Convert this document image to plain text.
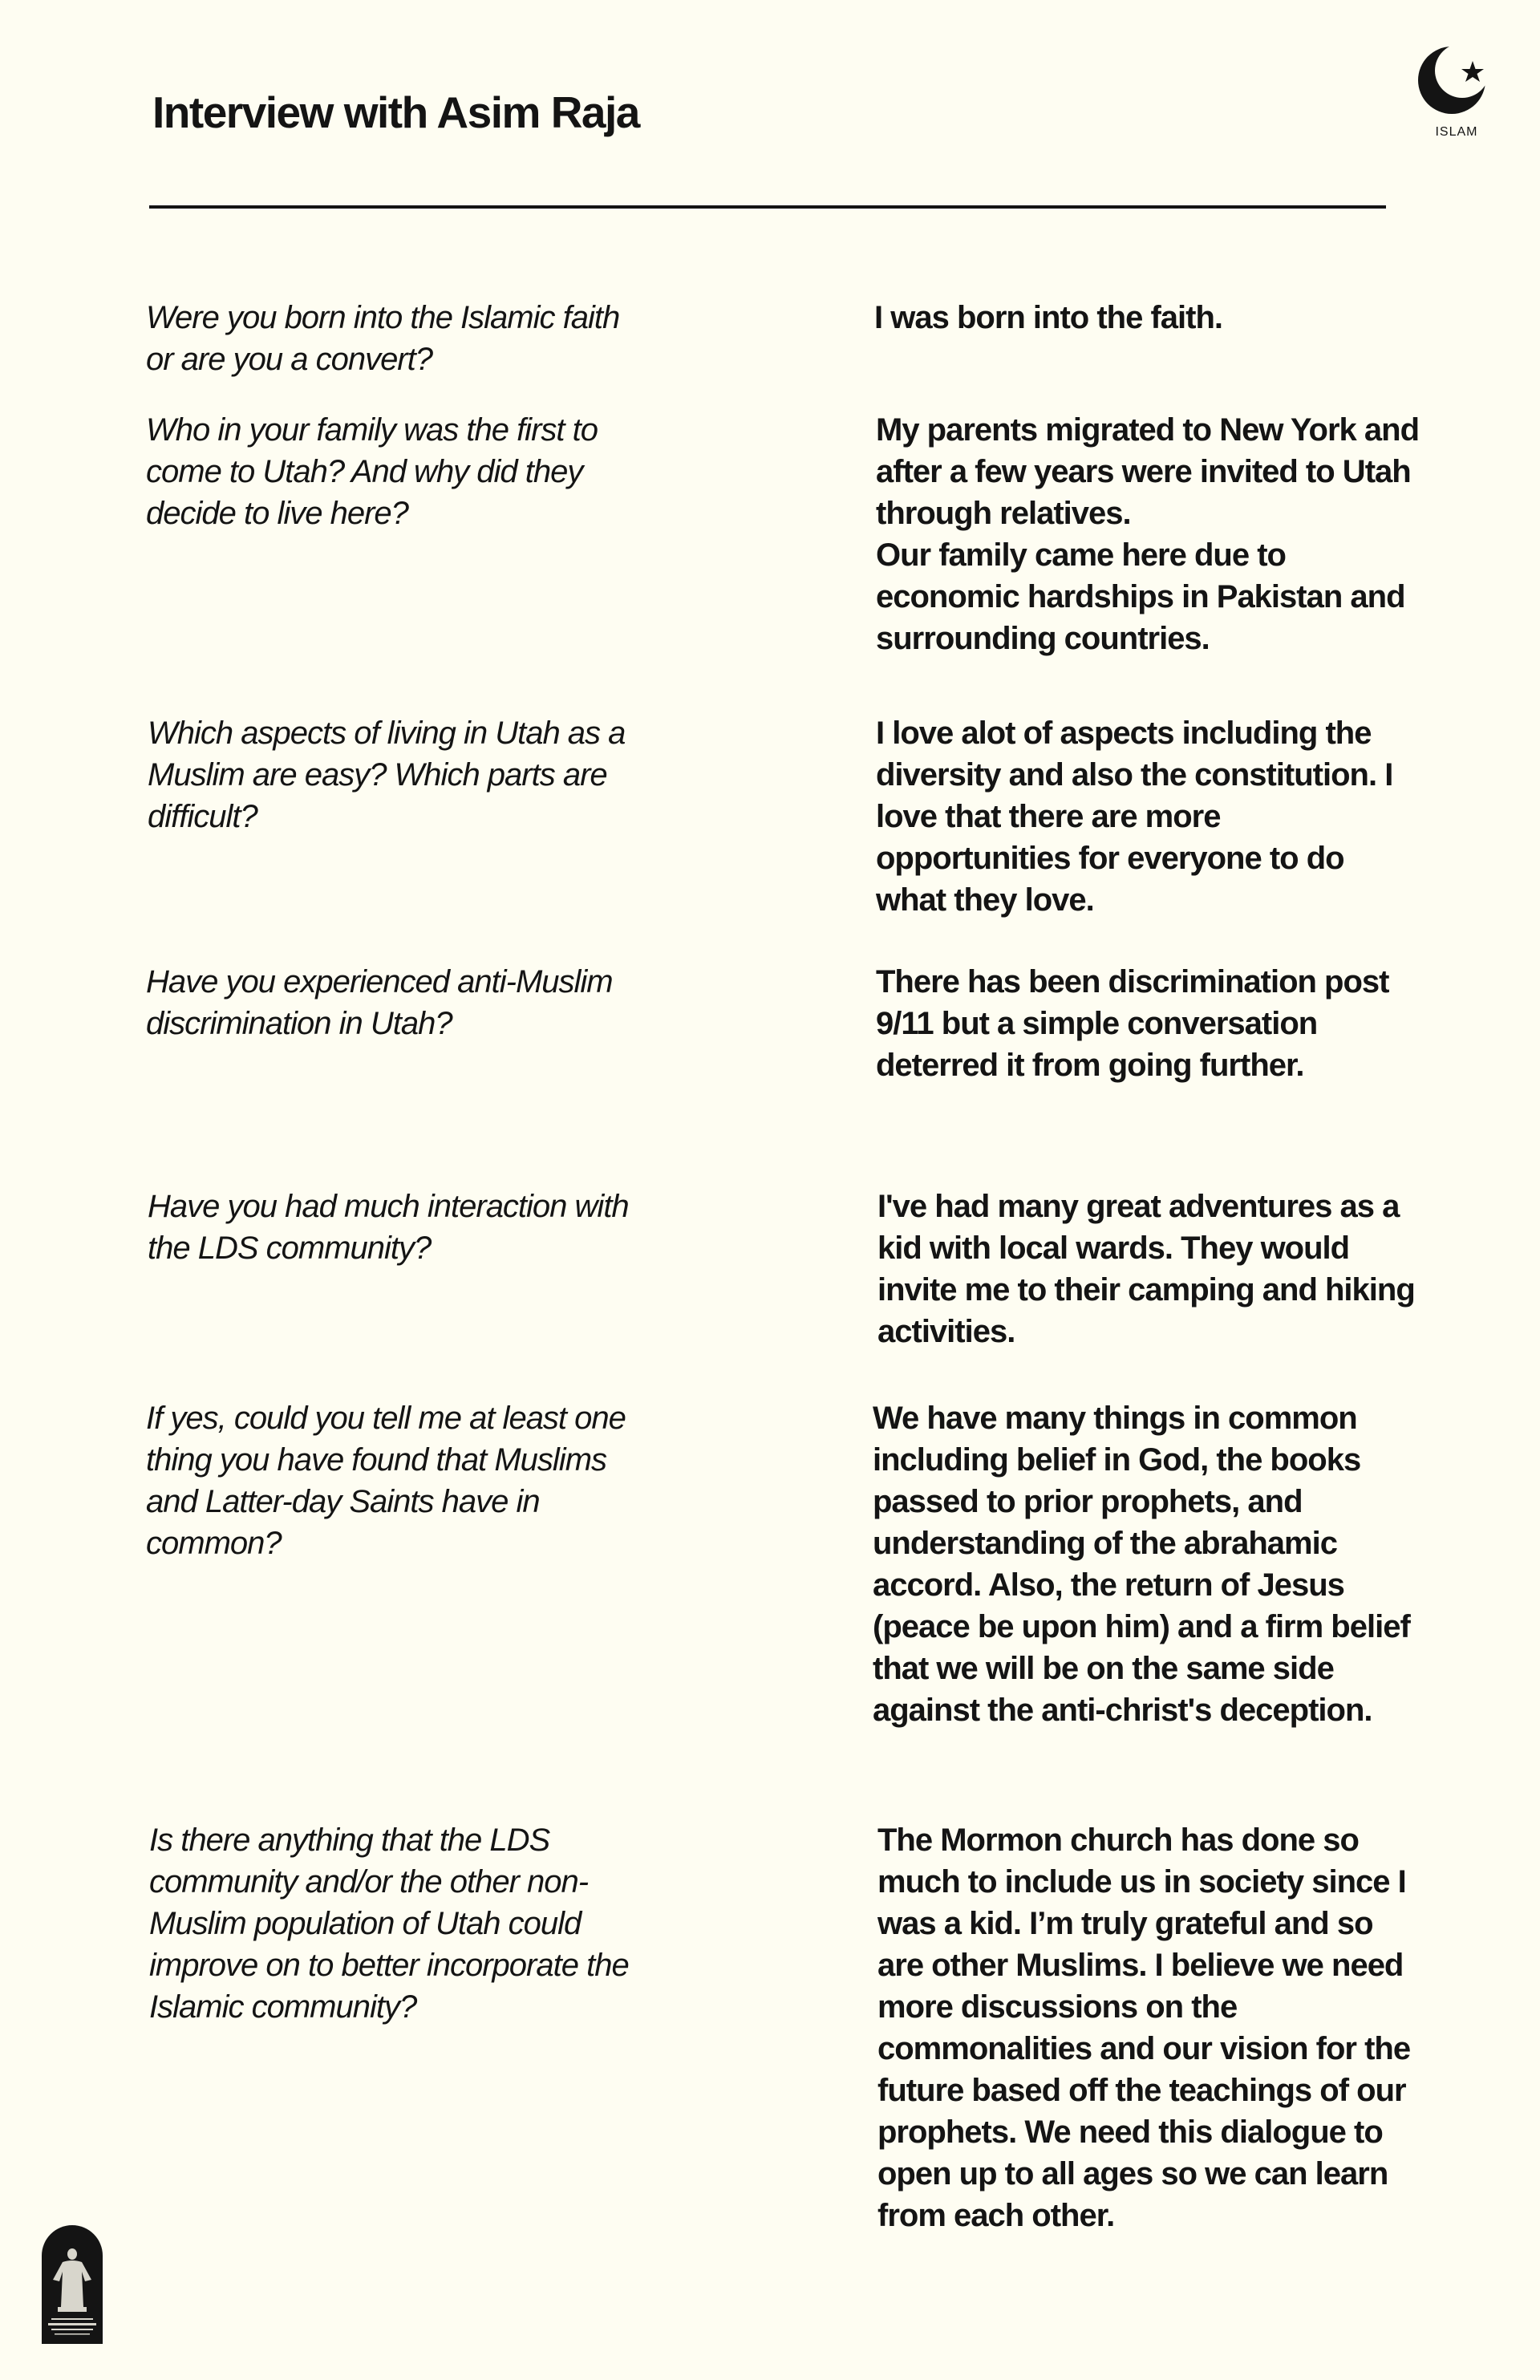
Interview with Asim Raja	ISLAM

Were you born into the Islamic faith or are you a convert?

I was born into the faith.

Who in your family was the first to come to Utah? And why did they decide to live here?

My parents migrated to New York and after a few years were invited to Utah through relatives.
Our family came here due to economic hardships in Pakistan and surrounding countries.

Which aspects of living in Utah as a Muslim are easy? Which parts are difficult?

I love alot of aspects including the diversity and also the constitution. I love that there are more opportunities for everyone to do what they love.

Have you experienced anti-Muslim discrimination in Utah?

There has been discrimination post 9/11 but a simple conversation deterred it from going further.

Have you had much interaction with the LDS community?

I've had many great adventures as a kid with local wards. They would invite me to their camping and hiking activities.

If yes, could you tell me at least one thing you have found that Muslims and Latter-day Saints have in common?

We have many things in common including belief in God, the books passed to prior prophets, and understanding of the abrahamic accord. Also, the return of Jesus (peace be upon him) and a firm belief that we will be on the same side against the anti-christ's deception.

Is there anything that the LDS community and/or the other non-Muslim population of Utah could improve on to better incorporate the Islamic community?

The Mormon church has done so much to include us in society since I was a kid. I’m truly grateful and so are other Muslims. I believe we need more discussions on the commonalities and our vision for the future based off the teachings of our prophets. We need this dialogue to open up to all ages so we can learn from each other.
